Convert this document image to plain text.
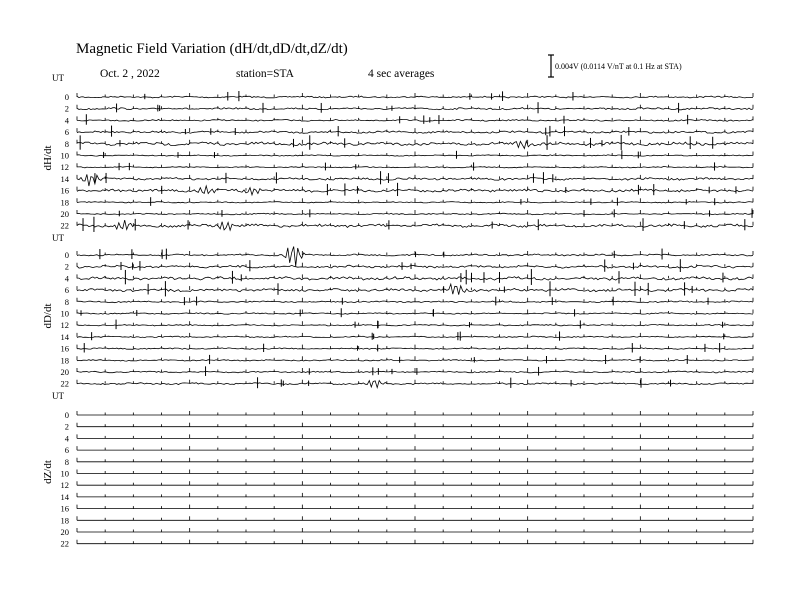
Magnetic Field Variation (dH/dt,dD/dt,dZ/dt)
Oct. 2 , 2022	station=STA	4 sec averages
0.004V (0.0114 V/nT at 0.1 Hz at STA)
UT
dH/dt
0
2
4
6
8
10
12
14
16
18
20
22
UT
dD/dt
0
2
4
6
8
10
12
14
16
18
20
22
UT
dZ/dt
0
2
4
6
8
10
12
14
16
18
20
22
